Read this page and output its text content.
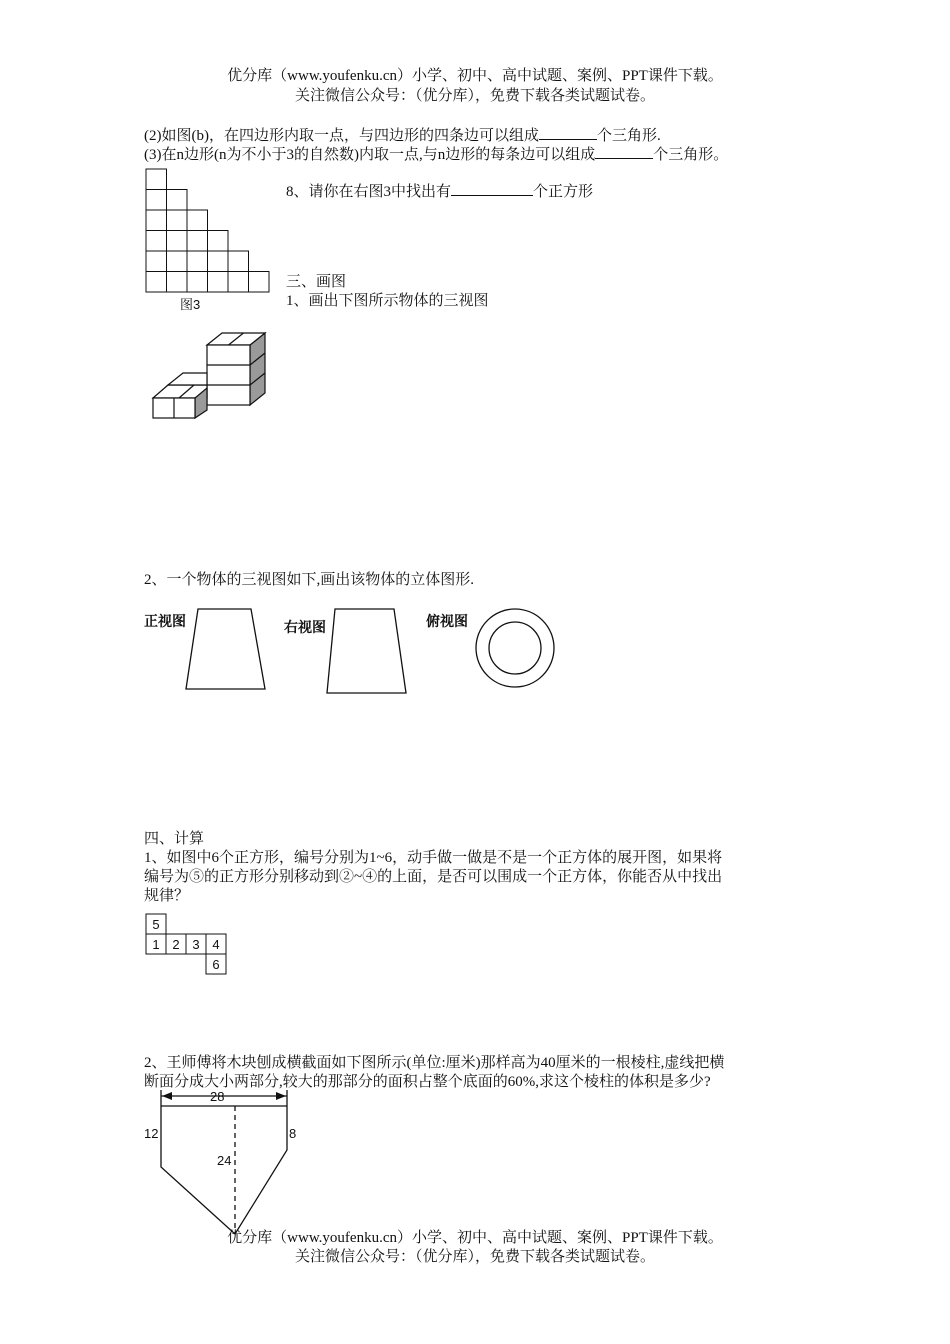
优分库（www.youfenku.cn）小学、初中、高中试题、案例、PPT课件下载。
关注微信公众号：（优分库），免费下载各类试题试卷。
(2)如图(b)，在四边形内取一点，与四边形的四条边可以组成	个三角形.
(3)在n边形(n为不小于3的自然数)内取一点,与n边形的每条边可以组成	个三角形。
图3
8、请你在右图3中找出有	个正方形
三、画图
1、画出下图所示物体的三视图
2、一个物体的三视图如下,画出该物体的立体图形.
正视图	右视图	俯视图
四、计算
1、如图中6个正方形，编号分别为1~6，动手做一做是不是一个正方体的展开图，如果将
编号为⑤的正方形分别移动到②~④的上面，是否可以围成一个正方体，你能否从中找出
规律？
5
1 2 3 4
6
2、王师傅将木块刨成横截面如下图所示(单位:厘米)那样高为40厘米的一根棱柱,虚线把横
断面分成大小两部分,较大的那部分的面积占整个底面的60%,求这个棱柱的体积是多少?
28
12	8
24
优分库（www.youfenku.cn）小学、初中、高中试题、案例、PPT课件下载。
关注微信公众号：（优分库），免费下载各类试题试卷。
